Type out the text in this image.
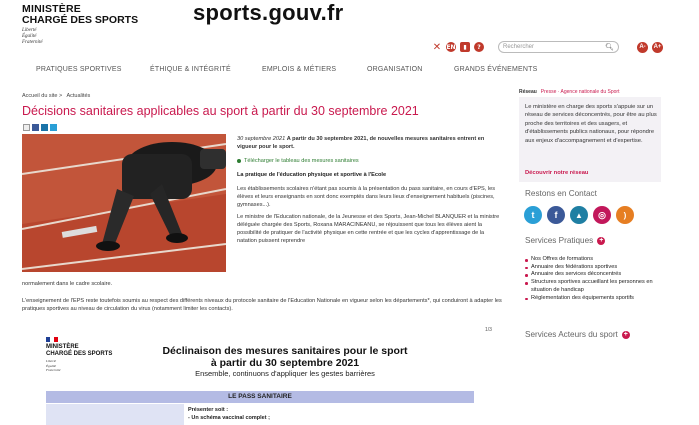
MINISTÈRE
CHARGÉ DES SPORTS
Liberté
Égalité
Fraternité
sports.gouv.fr
✕ EN	▮	?	Rechercher	🔍︎	A-	A+
PRATIQUES SPORTIVES	ÉTHIQUE & INTÉGRITÉ	EMPLOIS & MÉTIERS	ORGANISATION	GRANDS ÉVÉNEMENTS
Accueil du site > Actualités
Décisions sanitaires applicables au sport à partir du 30 septembre 2021

30 septembre 2021 A partir du 30 septembre 2021, de nouvelles mesures sanitaires entrent en vigueur pour le sport.

Télécharger le tableau des mesures sanitaires
La pratique de l'éducation physique et sportive à l'Ecole

Les établissements scolaires n'étant pas soumis à la présentation du pass sanitaire, en cours d'EPS, les élèves et leurs enseignants en sont donc exemptés dans leurs lieux d'enseignement habituels (piscines, gymnases...).

Le ministre de l'Education nationale, de la Jeunesse et des Sports, Jean-Michel BLANQUER et la ministre déléguée chargée des Sports, Roxana MARACINEANU, se réjouissent que tous les élèves aient la possibilité de pratiquer de l'activité physique en cette rentrée et que les cycles d'apprentissage de la natation puissent reprendre

normalement dans le cadre scolaire.
L'enseignement de l'EPS reste toutefois soumis au respect des différents niveaux du protocole sanitaire de l'Education Nationale en vigueur selon les départements*, qui conduiront à adapter les pratiques sportives au niveau de circulation du virus (notamment limiter les contacts).
1/3
MINISTÈRE
CHARGÉ DES SPORTS
Liberté
Égalité
Fraternité
Déclinaison des mesures sanitaires pour le sport
à partir du 30 septembre 2021
Ensemble, continuons d'appliquer les gestes barrières
LE PASS SANITAIRE
Présenter soit :
- Un schéma vaccinal complet ;
Réseau Presse · Agence nationale du Sport
Le ministère en charge des sports s'appuie sur un réseau de services déconcentrés, pour être au plus proche des territoires et des usagers, et d'établissements publics nationaux, pour répondre aux enjeux d'accompagnement et d'expertise.
Découvrir notre réseau
Restons en Contact
t	f	▲	◎	)
Services Pratiques +
Nos Offres de formations
Annuaire des fédérations sportives
Annuaire des services déconcentrés
Structures sportives accueillant les personnes en situation de handicap
Réglementation des équipements sportifs
Services Acteurs du sport +
